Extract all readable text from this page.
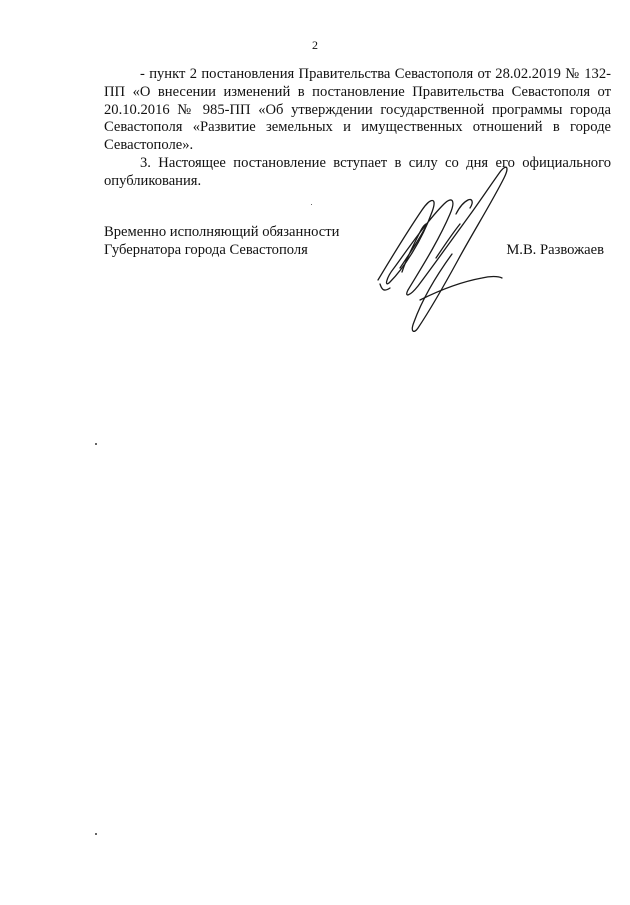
2

- пункт 2 постановления Правительства Севастополя от 28.02.2019 № 132-ПП «О внесении изменений в постановление Правительства Севастополя от 20.10.2016 № 985-ПП «Об утверждении государственной программы города Севастополя «Развитие земельных и имущественных отношений в городе Севастополе».

3. Настоящее постановление вступает в силу со дня его официального опубликования.

Временно исполняющий обязанности
Губернатора города Севастополя	М.В. Развожаев
